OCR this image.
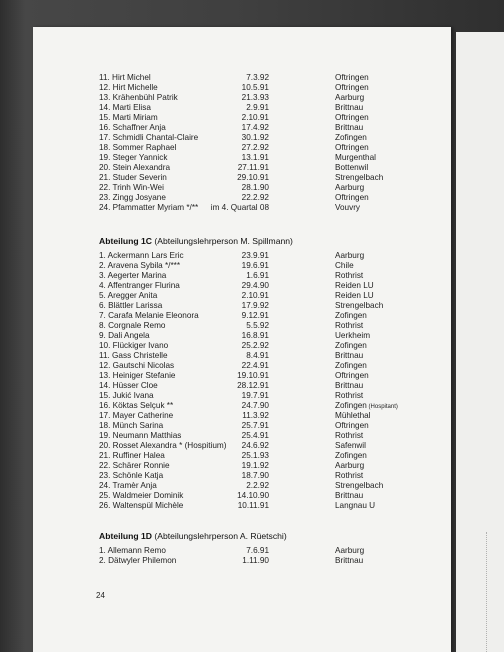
11. Hirt Michel	7.3.92	Oftringen
12. Hirt Michelle	10.5.91	Oftringen
13. Krähenbühl Patrik	21.3.93	Aarburg
14. Marti Elisa	2.9.91	Brittnau
15. Marti Miriam	2.10.91	Oftringen
16. Schaffner Anja	17.4.92	Brittnau
17. Schmidli Chantal-Claire	30.1.92	Zofingen
18. Sommer Raphael	27.2.92	Oftringen
19. Steger Yannick	13.1.91	Murgenthal
20. Stein Alexandra	27.11.91	Bottenwil
21. Studer Severin	29.10.91	Strengelbach
22. Trinh Win-Wei	28.1.90	Aarburg
23. Zingg Josyane	22.2.92	Oftringen
24. Pfammatter Myriam */** im 4. Quartal 08	Vouvry
Abteilung 1C (Abteilungslehrperson M. Spillmann)
1. Ackermann Lars Eric	23.9.91	Aarburg
2. Aravena Sybila */***	19.6.91	Chile
3. Aegerter Marina	1.6.91	Rothrist
4. Affentranger Flurina	29.4.90	Reiden LU
5. Aregger Anita	2.10.91	Reiden LU
6. Blättler Larissa	17.9.92	Strengelbach
7. Carafa Melanie Eleonora	9.12.91	Zofingen
8. Corgnale Remo	5.5.92	Rothrist
9. Dali Angela	16.8.91	Uerkheim
10. Flückiger Ivano	25.2.92	Zofingen
11. Gass Christelle	8.4.91	Brittnau
12. Gautschi Nicolas	22.4.91	Zofingen
13. Heiniger Stefanie	19.10.91	Oftringen
14. Hüsser Cloe	28.12.91	Brittnau
15. Jukić Ivana	19.7.91	Rothrist
16. Köktas Selçuk **	24.7.90	Zofingen (Hospitant)
17. Mayer Catherine	11.3.92	Mühlethal
18. Münch Sarina	25.7.91	Oftringen
19. Neumann Matthias	25.4.91	Rothrist
20. Rosset Alexandra * (Hospitium) 24.6.92	Safenwil
21. Ruffiner Halea	25.1.93	Zofingen
22. Schärer Ronnie	19.1.92	Aarburg
23. Schönle Katja	18.7.90	Rothrist
24. Tramèr Anja	2.2.92	Strengelbach
25. Waldmeier Dominik	14.10.90	Brittnau
26. Waltenspül Michèle	10.11.91	Langnau U
Abteilung 1D (Abteilungslehrperson A. Rüetschi)
1. Allemann Remo	7.6.91	Aarburg
2. Dätwyler Philemon	1.11.90	Brittnau
24
